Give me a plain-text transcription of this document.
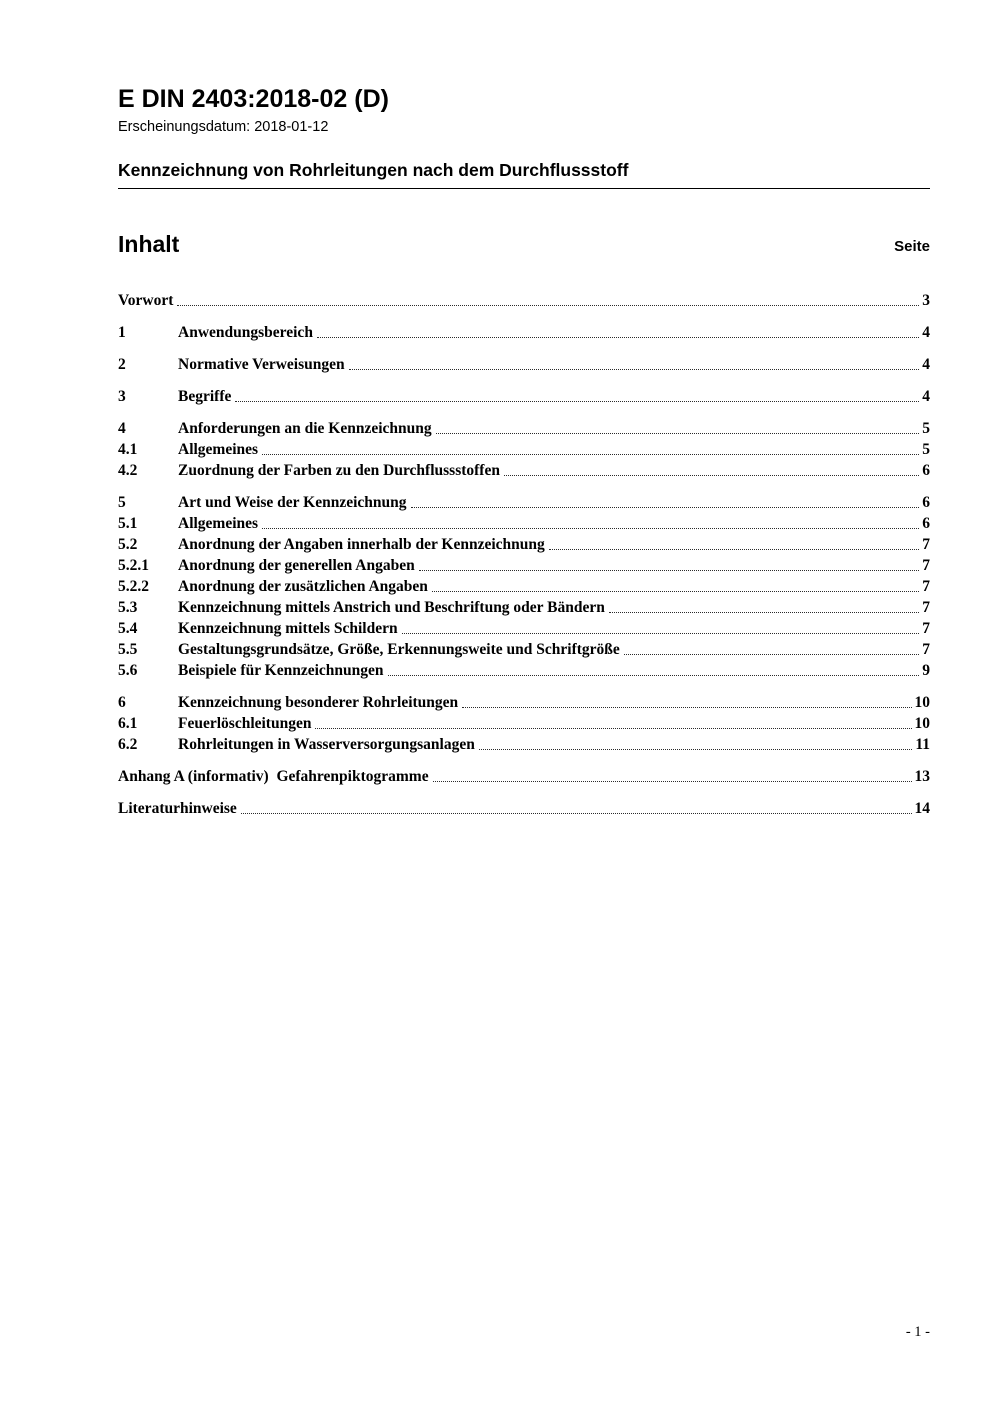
E DIN 2403:2018-02 (D)
Erscheinungsdatum: 2018-01-12
Kennzeichnung von Rohrleitungen nach dem Durchflussstoff
Inhalt	Seite
Vorwort	3
1	Anwendungsbereich	4
2	Normative Verweisungen	4
3	Begriffe	4
4	Anforderungen an die Kennzeichnung	5
4.1	Allgemeines	5
4.2	Zuordnung der Farben zu den Durchflussstoffen	6
5	Art und Weise der Kennzeichnung	6
5.1	Allgemeines	6
5.2	Anordnung der Angaben innerhalb der Kennzeichnung	7
5.2.1	Anordnung der generellen Angaben	7
5.2.2	Anordnung der zusätzlichen Angaben	7
5.3	Kennzeichnung mittels Anstrich und Beschriftung oder Bändern	7
5.4	Kennzeichnung mittels Schildern	7
5.5	Gestaltungsgrundsätze, Größe, Erkennungsweite und Schriftgröße	7
5.6	Beispiele für Kennzeichnungen	9
6	Kennzeichnung besonderer Rohrleitungen	10
6.1	Feuerlöschleitungen	10
6.2	Rohrleitungen in Wasserversorgungsanlagen	11
Anhang A (informativ)  Gefahrenpiktogramme	13
Literaturhinweise	14
- 1 -
